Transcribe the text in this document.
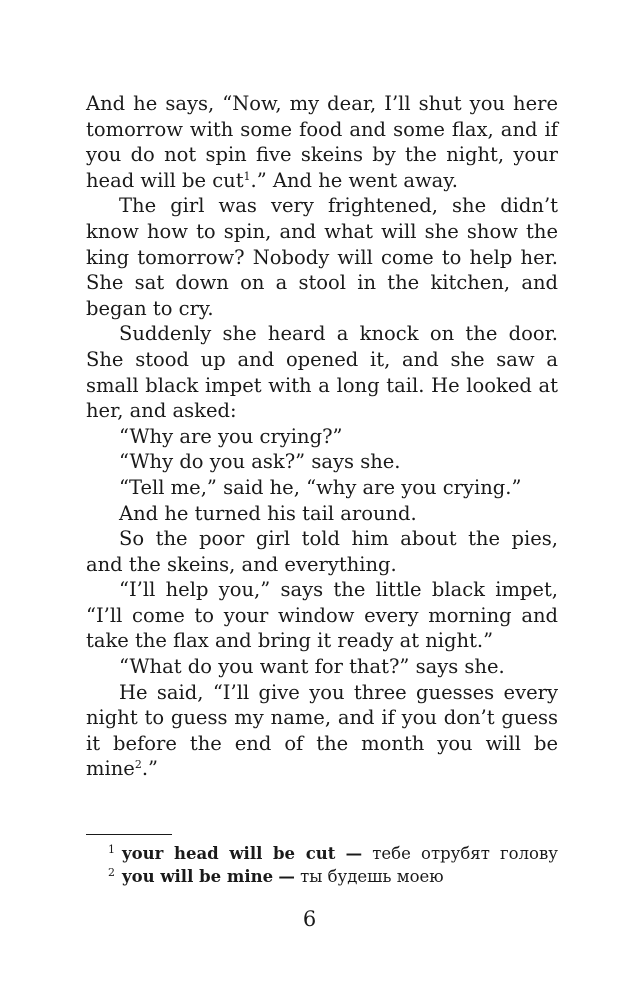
And he says, “Now, my dear, I’ll shut you here tomorrow with some food and some flax, and if you do not spin five skeins by the night, your head will be cut$^1$.” And he went away.

The girl was very frightened, she didn’t know how to spin, and what will she show the king tomorrow? Nobody will come to help her. She sat down on a stool in the kitchen, and began to cry.

Suddenly she heard a knock on the door. She stood up and opened it, and she saw a small black impet with a long tail. He looked at her, and asked:

“Why are you crying?”

“Why do you ask?” says she.

“Tell me,” said he, “why are you crying.”

And he turned his tail around.

So the poor girl told him about the pies, and the skeins, and everything.

“I’ll help you,” says the little black impet, “I’ll come to your window every morning and take the flax and bring it ready at night.”

“What do you want for that?” says she.

He said, “I’ll give you three guesses every night to guess my name, and if you don’t guess it before the end of the month you will be mine$^2$.”

1 your head will be cut — тебе отрубят голову

2 you will be mine — ты будешь моею

6
